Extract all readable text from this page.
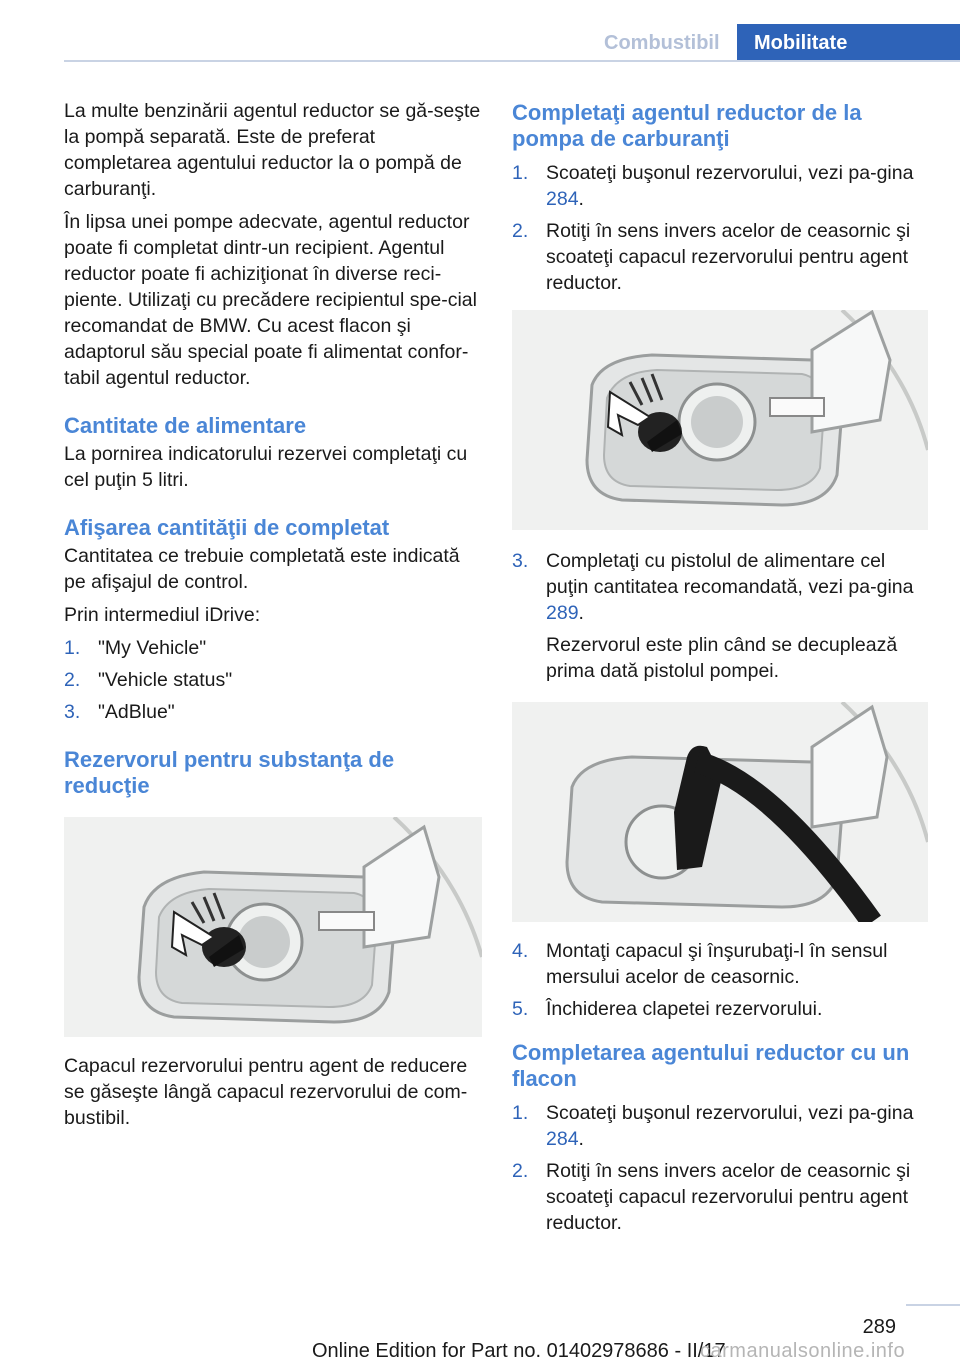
Combustibil	Mobilitate

La multe benzinării agentul reductor se gă‐seşte la pompă separată. Este de preferat completarea agentului reductor la o pompă de carburanţi.

În lipsa unei pompe adecvate, agentul reductor poate fi completat dintr-un recipient. Agentul reductor poate fi achiziţionat în diverse reci‐piente. Utilizaţi cu precădere recipientul spe‐cial recomandat de BMW. Cu acest flacon şi adaptorul său special poate fi alimentat confor‐tabil agentul reductor.

Cantitate de alimentare

La pornirea indicatorului rezervei completaţi cu cel puţin 5 litri.

Afişarea cantităţii de completat

Cantitatea ce trebuie completată este indicată pe afişajul de control.

Prin intermediul iDrive:

1. "My Vehicle"
2. "Vehicle status"
3. "AdBlue"
Rezervorul pentru substanţa de reducţie

Capacul rezervorului pentru agent de reducere se găseşte lângă capacul rezervorului de com‐bustibil.

Completaţi agentul reductor de la pompa de carburanţi
1. Scoateţi buşonul rezervorului, vezi pa‐gina 284.
2. Rotiţi în sens invers acelor de ceasornic şi scoateţi capacul rezervorului pentru agent reductor.
3. Completaţi cu pistolul de alimentare cel puţin cantitatea recomandată, vezi pa‐gina 289.
Rezervorul este plin când se decuplează prima dată pistolul pompei.
4. Montaţi capacul şi înşurubaţi-l în sensul mersului acelor de ceasornic.
5. Închiderea clapetei rezervorului.
Completarea agentului reductor cu un flacon
1. Scoateţi buşonul rezervorului, vezi pa‐gina 284.
2. Rotiţi în sens invers acelor de ceasornic şi scoateţi capacul rezervorului pentru agent reductor.
289
Online Edition for Part no. 01402978686 - II/17
carmanualsonline.info
